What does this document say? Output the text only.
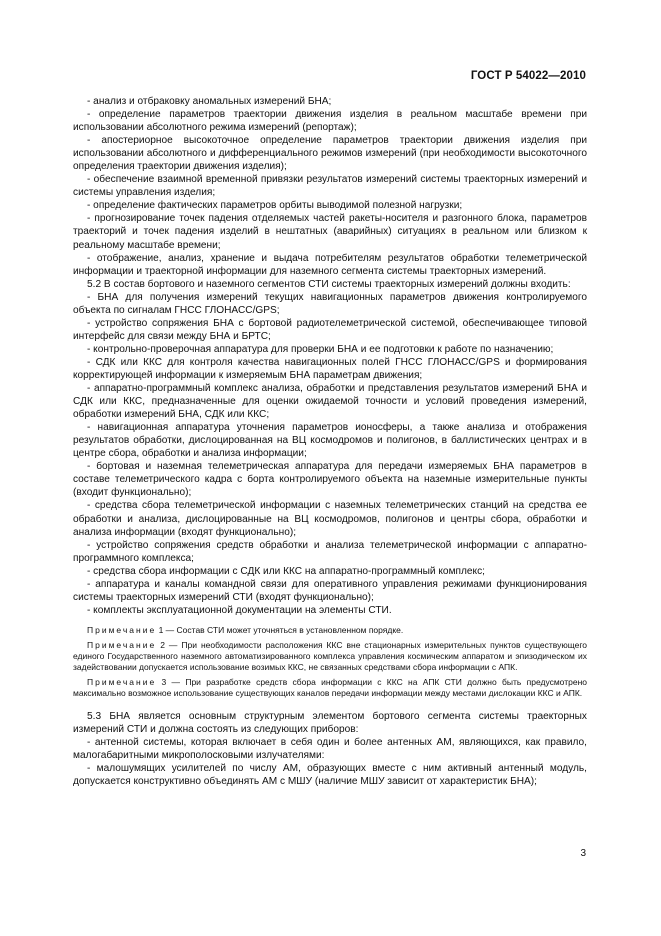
ГОСТ Р 54022—2010

- анализ и отбраковку аномальных измерений БНА;

- определение параметров траектории движения изделия в реальном масштабе времени при использовании абсолютного режима измерений (репортаж);

- апостериорное высокоточное определение параметров траектории движения изделия при использовании абсолютного и дифференциального режимов измерений (при необходимости высокоточного определения траектории движения изделия);

- обеспечение взаимной временной привязки результатов измерений системы траекторных измерений и системы управления изделия;

- определение фактических параметров орбиты выводимой полезной нагрузки;

- прогнозирование точек падения отделяемых частей ракеты-носителя и разгонного блока, параметров траекторий и точек падения изделий в нештатных (аварийных) ситуациях в реальном или близком к реальному масштабе времени;

- отображение, анализ, хранение и выдача потребителям результатов обработки телеметрической информации и траекторной информации для наземного сегмента системы траекторных измерений.

5.2 В состав бортового и наземного сегментов СТИ системы траекторных измерений должны входить:

- БНА для получения измерений текущих навигационных параметров движения контролируемого объекта по сигналам ГНСС ГЛОНАСС/GPS;

- устройство сопряжения БНА с бортовой радиотелеметрической системой, обеспечивающее типовой интерфейс для связи между БНА и БРТС;

- контрольно-проверочная аппаратура для проверки БНА и ее подготовки к работе по назначению;

- СДК или ККС для контроля качества навигационных полей ГНСС ГЛОНАСС/GPS и формирования корректирующей информации к измеряемым БНА параметрам движения;

- аппаратно-программный комплекс анализа, обработки и представления результатов измерений БНА и СДК или ККС, предназначенные для оценки ожидаемой точности и условий проведения измерений, обработки измерений БНА, СДК или ККС;

- навигационная аппаратура уточнения параметров ионосферы, а также анализа и отображения результатов обработки, дислоцированная на ВЦ космодромов и полигонов, в баллистических центрах и в центре сбора, обработки и анализа информации;

- бортовая и наземная телеметрическая аппаратура для передачи измеряемых БНА параметров в составе телеметрического кадра с борта контролируемого объекта на наземные измерительные пункты (входит функционально);

- средства сбора телеметрической информации с наземных телеметрических станций на средства ее обработки и анализа, дислоцированные на ВЦ космодромов, полигонов и центры сбора, обработки и анализа информации (входят функционально);

- устройство сопряжения средств обработки и анализа телеметрической информации с аппаратно-программного комплекса;

- средства сбора информации с СДК или ККС на аппаратно-программный комплекс;

- аппаратура и каналы командной связи для оперативного управления режимами функционирования системы траекторных измерений СТИ (входят функционально);

- комплекты эксплуатационной документации на элементы СТИ.

Примечание 1 — Состав СТИ может уточняться в установленном порядке.

Примечание 2 — При необходимости расположения ККС вне стационарных измерительных пунктов существующего единого Государственного наземного автоматизированного комплекса управления космическим аппаратом и эпизодическом их задействовании допускается использование возимых ККС, не связанных средствами сбора информации с АПК.

Примечание 3 — При разработке средств сбора информации с ККС на АПК СТИ должно быть предусмотрено максимально возможное использование существующих каналов передачи информации между местами дислокации ККС и АПК.

5.3 БНА является основным структурным элементом бортового сегмента системы траекторных измерений СТИ и должна состоять из следующих приборов:

- антенной системы, которая включает в себя один и более антенных АМ, являющихся, как правило, малогабаритными микрополосковыми излучателями:

- малошумящих усилителей по числу АМ, образующих вместе с ним активный антенный модуль, допускается конструктивно объединять АМ с МШУ (наличие МШУ зависит от характеристик БНА);

3
